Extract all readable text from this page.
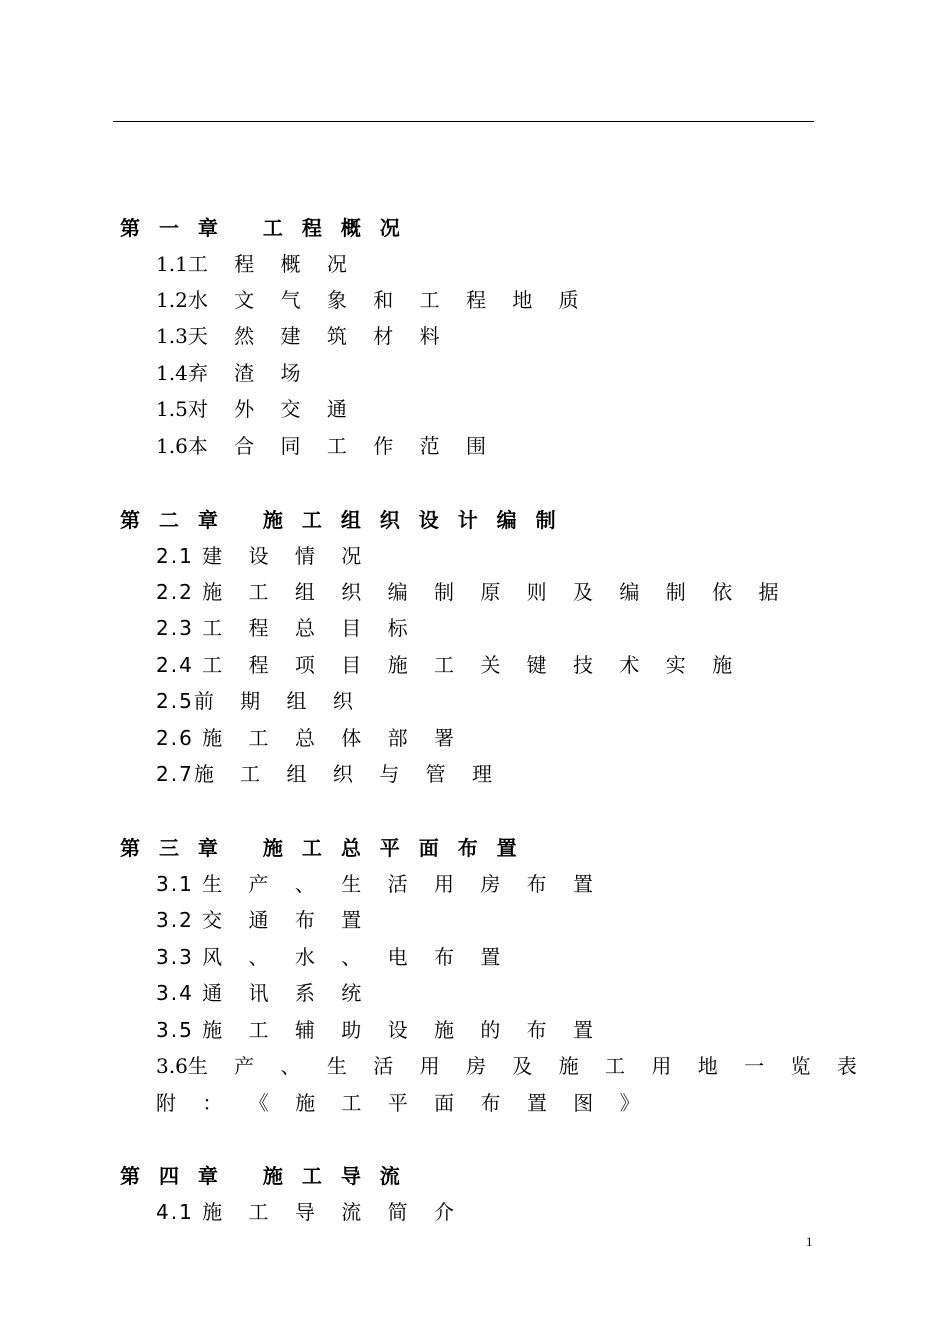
第 一 章　 工 程 概 况
1.1工 程 概 况
1.2水 文 气 象 和 工 程 地 质
1.3天 然 建 筑 材 料
1.4弃 渣 场
1.5对 外 交 通
1.6本 合 同 工 作 范 围
第 二 章　 施 工 组 织 设 计 编 制
2.1 建 设 情 况
2.2 施 工 组 织 编 制 原 则 及 编 制 依 据
2.3 工 程 总 目 标
2.4 工 程 项 目 施 工 关 键 技 术 实 施
2.5前 期 组 织
2.6 施 工 总 体 部 署
2.7施 工 组 织 与 管 理
第 三 章　 施 工 总 平 面 布 置
3.1 生 产 、 生 活 用 房 布 置
3.2 交 通 布 置
3.3 风 、 水 、 电 布 置
3.4 通 讯 系 统
3.5 施 工 辅 助 设 施 的 布 置
3.6生 产 、 生 活 用 房 及 施 工 用 地 一 览 表
附 ： 《 施 工 平 面 布 置 图 》
第 四 章　 施 工 导 流
4.1 施 工 导 流 简 介
1
